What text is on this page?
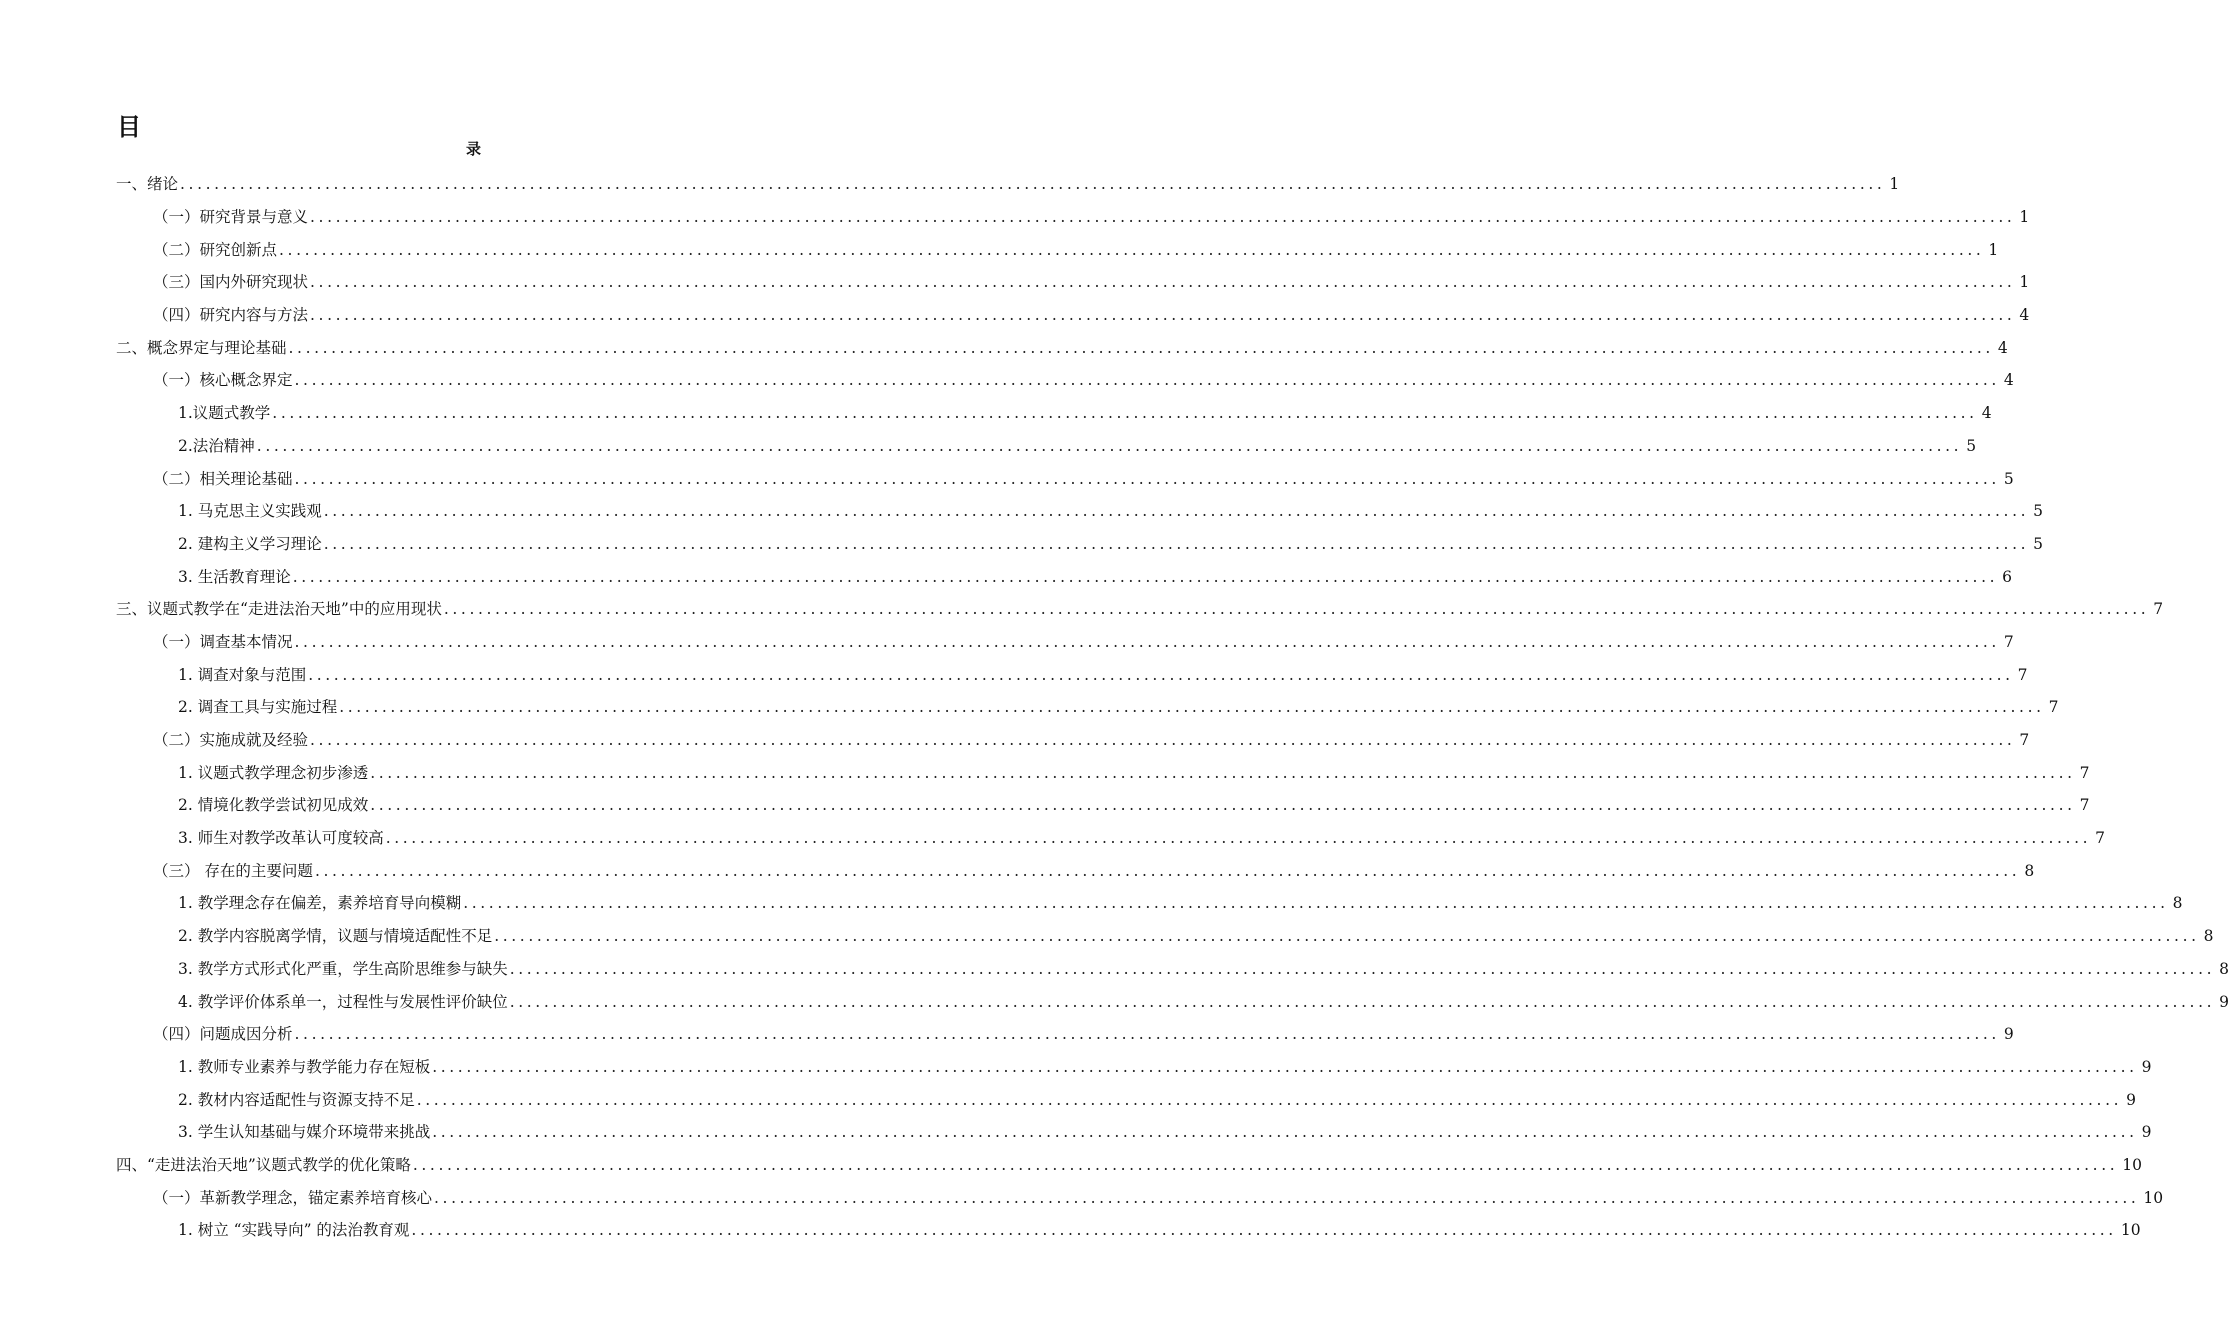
目
录
一、绪论 ........................................................................................................................................................................................................ 1
（一）研究背景与意义 ........................................................................................................................................................................................................ 1
（二）研究创新点 ........................................................................................................................................................................................................ 1
（三）国内外研究现状 ........................................................................................................................................................................................................ 1
（四）研究内容与方法 ........................................................................................................................................................................................................ 4
二、概念界定与理论基础 ........................................................................................................................................................................................................ 4
（一）核心概念界定 ........................................................................................................................................................................................................ 4
1.议题式教学 ........................................................................................................................................................................................................ 4
2.法治精神 ........................................................................................................................................................................................................ 5
（二）相关理论基础 ........................................................................................................................................................................................................ 5
1. 马克思主义实践观 ........................................................................................................................................................................................................ 5
2. 建构主义学习理论 ........................................................................................................................................................................................................ 5
3. 生活教育理论 ........................................................................................................................................................................................................ 6
三、议题式教学在“走进法治天地”中的应用现状 ........................................................................................................................................................................................................ 7
（一）调查基本情况 ........................................................................................................................................................................................................ 7
1. 调查对象与范围 ........................................................................................................................................................................................................ 7
2. 调查工具与实施过程 ........................................................................................................................................................................................................ 7
（二）实施成就及经验 ........................................................................................................................................................................................................ 7
1. 议题式教学理念初步渗透 ........................................................................................................................................................................................................ 7
2. 情境化教学尝试初见成效 ........................................................................................................................................................................................................ 7
3. 师生对教学改革认可度较高 ........................................................................................................................................................................................................ 7
（三） 存在的主要问题 ........................................................................................................................................................................................................ 8
1. 教学理念存在偏差，素养培育导向模糊 ........................................................................................................................................................................................................ 8
2. 教学内容脱离学情，议题与情境适配性不足 ........................................................................................................................................................................................................ 8
3. 教学方式形式化严重，学生高阶思维参与缺失 ........................................................................................................................................................................................................ 8
4. 教学评价体系单一，过程性与发展性评价缺位 ........................................................................................................................................................................................................ 9
（四）问题成因分析 ........................................................................................................................................................................................................ 9
1. 教师专业素养与教学能力存在短板 ........................................................................................................................................................................................................ 9
2. 教材内容适配性与资源支持不足 ........................................................................................................................................................................................................ 9
3. 学生认知基础与媒介环境带来挑战 ........................................................................................................................................................................................................ 9
四、“走进法治天地”议题式教学的优化策略 ........................................................................................................................................................................................................ 10
（一）革新教学理念，锚定素养培育核心 ........................................................................................................................................................................................................ 10
1. 树立 “实践导向” 的法治教育观 ........................................................................................................................................................................................................ 10
